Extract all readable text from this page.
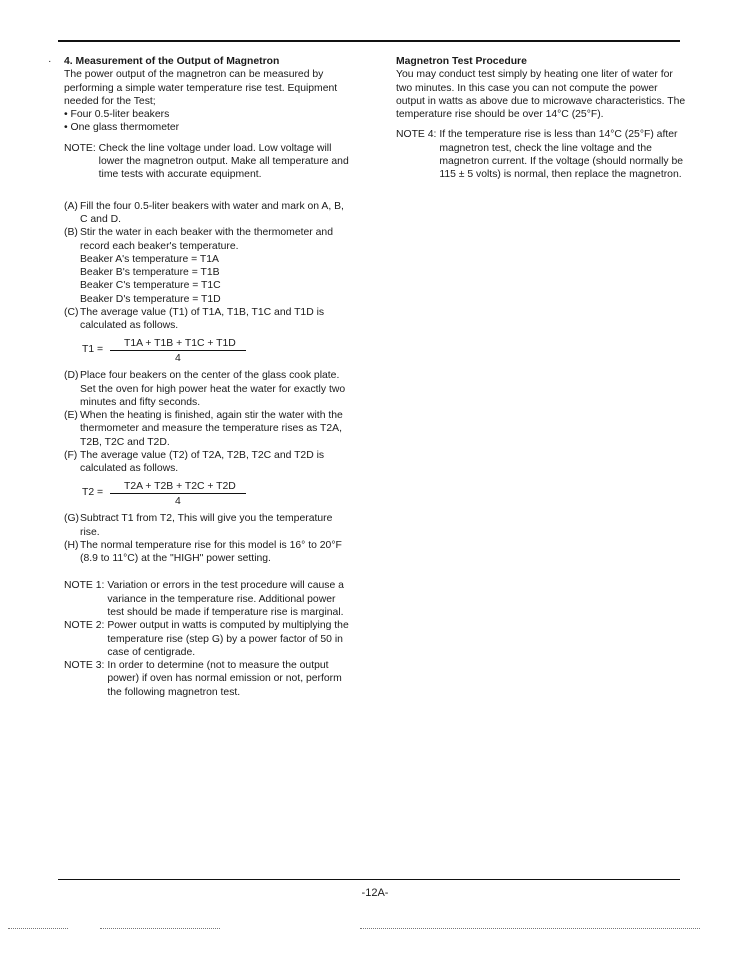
· 4. Measurement of the Output of Magnetron

The power output of the magnetron can be measured by performing a simple water temperature rise test. Equipment needed for the Test;

• Four 0.5-liter beakers

• One glass thermometer

NOTE: Check the line voltage under load. Low voltage will lower the magnetron output. Make all temperature and time tests with accurate equipment.
(A) Fill the four 0.5-liter beakers with water and mark on A, B, C and D.
(B) Stir the water in each beaker with the thermometer and record each beaker's temperature.

Beaker A's temperature = T1A

Beaker B's temperature = T1B

Beaker C's temperature = T1C

Beaker D's temperature = T1D

(C) The average value (T1) of T1A, T1B, T1C and T1D is calculated as follows.
$T1 = \frac{T1A + T1B + T1C + T1D}{4}$
(D) Place four beakers on the center of the glass cook plate. Set the oven for high power heat the water for exactly two minutes and fifty seconds.
(E) When the heating is finished, again stir the water with the thermometer and measure the temperature rises as T2A, T2B, T2C and T2D.
(F) The average value (T2) of T2A, T2B, T2C and T2D is calculated as follows.
$T2 = \frac{T2A + T2B + T2C + T2D}{4}$
(G) Subtract T1 from T2, This will give you the temperature rise.
(H) The normal temperature rise for this model is 16° to 20°F (8.9 to 11°C) at the "HIGH" power setting.
NOTE 1: Variation or errors in the test procedure will cause a variance in the temperature rise. Additional power test should be made if temperature rise is marginal.
NOTE 2: Power output in watts is computed by multiplying the temperature rise (step G) by a power factor of 50 in case of centigrade.
NOTE 3: In order to determine (not to measure the output power) if oven has normal emission or not, perform the following magnetron test.

Magnetron Test Procedure

You may conduct test simply by heating one liter of water for two minutes. In this case you can not compute the power output in watts as above due to microwave characteristics. The temperature rise should be over 14°C (25°F).

NOTE 4: If the temperature rise is less than 14°C (25°F) after magnetron test, check the line voltage and the magnetron current. If the voltage (should normally be 115 ± 5 volts) is normal, then replace the magnetron.
-12A-
